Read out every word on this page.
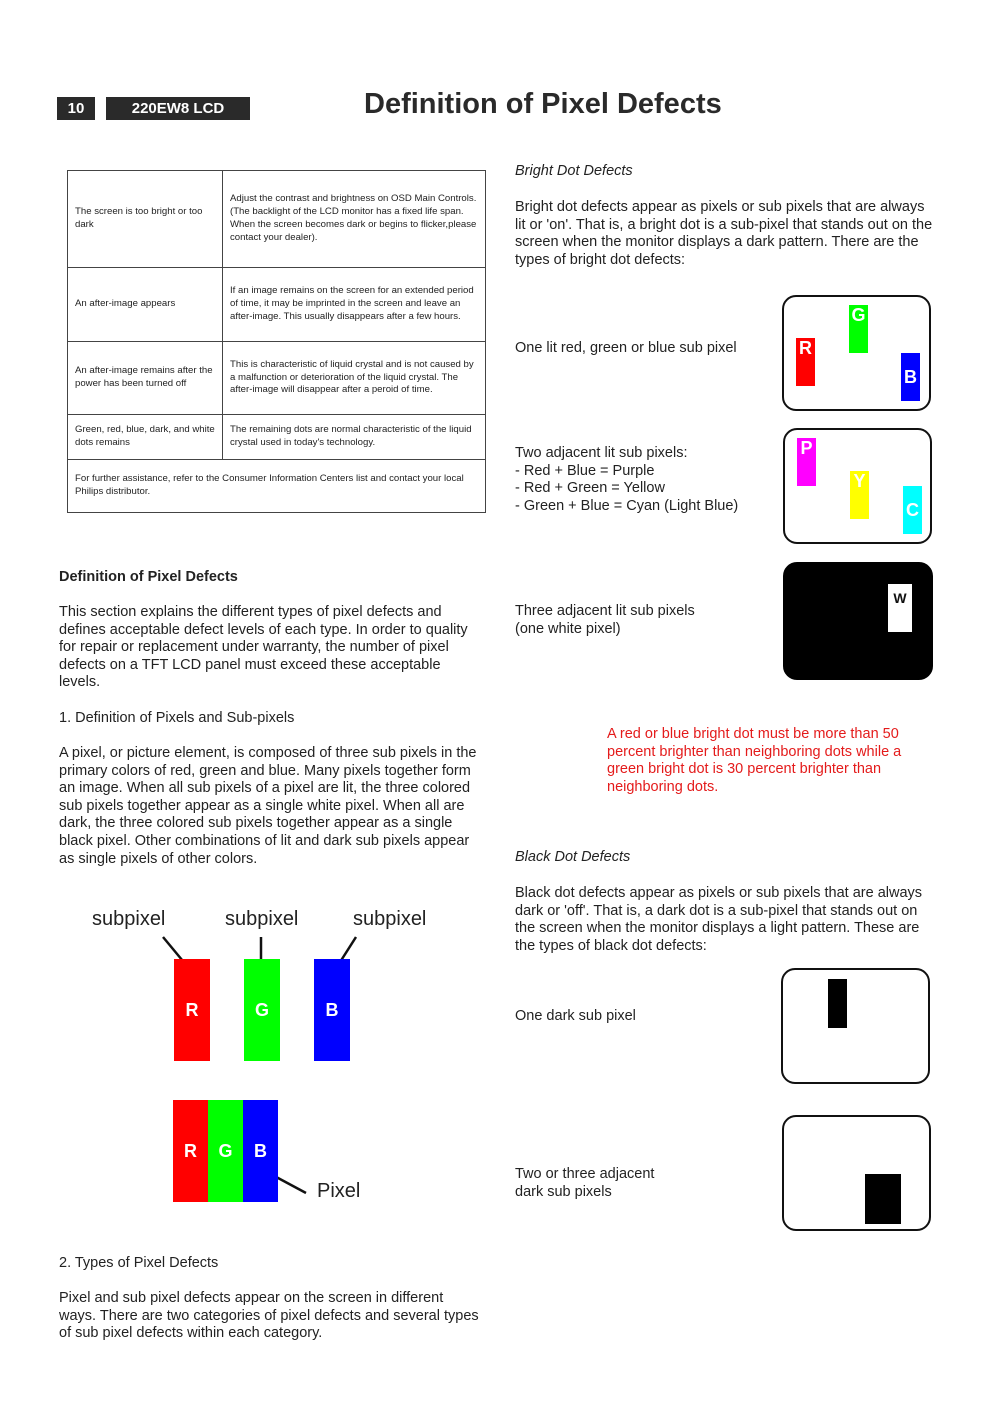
10	220EW8 LCD	Definition of Pixel Defects
The screen is too bright or too dark	Adjust the contrast and brightness on OSD Main Controls. (The backlight of the LCD monitor has a fixed life span. When the screen becomes dark or begins to flicker,please contact your dealer).
An after-image appears	If an image remains on the screen for an extended period of time, it may be imprinted in the screen and leave an after-image. This usually disappears after a few hours.
An after-image remains after the power has been turned off	This is characteristic of liquid crystal and is not caused by a malfunction or deterioration of the liquid crystal. The after-image will disappear after a peroid of time.
Green, red, blue, dark, and white dots remains	The remaining dots are normal characteristic of the liquid crystal used in today's technology.
For further assistance, refer to the Consumer Information Centers list and contact your local Philips distributor.	
Definition of Pixel Defects
This section explains the different types of pixel defects and defines acceptable defect levels of each type. In order to quality for repair or replacement under warranty, the number of pixel defects on a TFT LCD panel must exceed these acceptable levels.
1. Definition of Pixels and Sub-pixels
A pixel, or picture element, is composed of three sub pixels in the primary colors of red, green and blue. Many pixels together form an image. When all sub pixels of a pixel are lit, the three colored sub pixels together appear as a single white pixel. When all are dark, the three colored sub pixels together appear as a single black pixel. Other combinations of lit and dark sub pixels appear as single pixels of other colors.
subpixel	subpixel	subpixel
R	G	B
R	G	B
Pixel
2. Types of Pixel Defects
Pixel and sub pixel defects appear on the screen in different ways. There are two categories of pixel defects and several types of sub pixel defects within each category.
Bright Dot Defects
Bright dot defects appear as pixels or sub pixels that are always lit or 'on'. That is, a bright dot is a sub-pixel that stands out on the screen when the monitor displays a dark pattern. There are the types of bright dot defects:
One lit red, green or blue sub pixel
G
R
B
Two adjacent lit sub pixels:
- Red + Blue = Purple
- Red + Green = Yellow
- Green + Blue = Cyan (Light Blue)
P
Y
C
Three adjacent lit sub pixels
(one white pixel)
W
A red or blue bright dot must be more than 50 percent brighter than neighboring dots while a green bright dot is 30 percent brighter than neighboring dots.
Black Dot Defects
Black dot defects appear as pixels or sub pixels that are always dark or 'off'. That is, a dark dot is a sub-pixel that stands out on the screen when the monitor displays a light pattern. These are the types of black dot defects:
One dark sub pixel
Two or three adjacent
dark sub pixels
